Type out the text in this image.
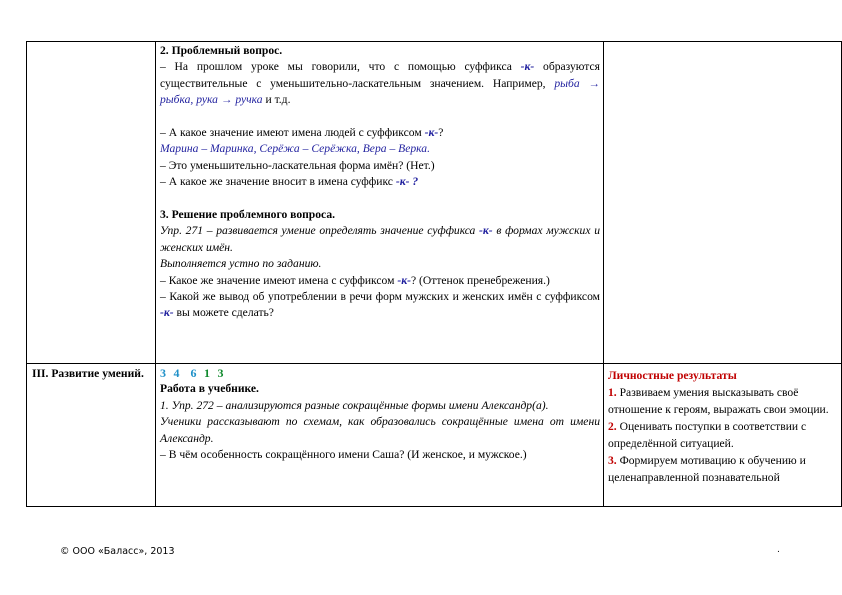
2. Проблемный вопрос.

– На прошлом уроке мы говорили, что с помощью суффикса -к- образуются существительные с уменьшительно-ласкательным значением. Например, рыба → рыбка, рука → ручка и т.д.

– А какое значение имеют имена людей с суффиксом -к-?

Марина – Маринка, Серёжа – Серёжка, Вера – Верка.

– Это уменьшительно-ласкательная форма имён? (Нет.)

– А какое же значение вносит в имена суффикс -к- ?

3. Решение проблемного вопроса.

Упр. 271 – развивается умение определять значение суффикса -к- в формах мужских и женских имён.

Выполняется устно по заданию.

– Какое же значение имеют имена с суффиксом -к-? (Оттенок пренебрежения.)

– Какой же вывод об употреблении в речи форм мужских и женских имён с суффиксом -к- вы можете сделать?

III. Развитие умений.	3 4 6 1 3

Работа в учебнике.

1. Упр. 272 – анализируются разные сокращённые формы имени Александр(а).

Ученики рассказывают по схемам, как образовались сокращённые имена от имени Александр.

– В чём особенность сокращённого имени Саша? (И женское, и мужское.)

Личностные результаты

1. Развиваем умения высказывать своё отношение к героям, выражать свои эмоции.

2. Оценивать поступки в соответствии с определённой ситуацией.

3. Формируем мотивацию к обучению и целенаправленной познавательной

© ООО «Баласс», 2013	.
